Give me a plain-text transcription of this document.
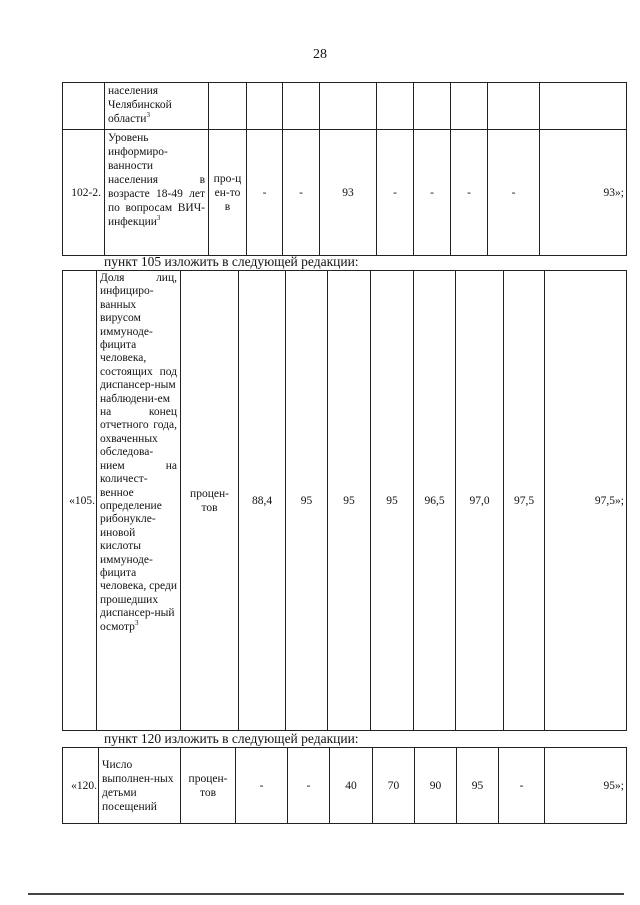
28
	населения Челябинской области$^3$									
102-2.	Уровень информиро-ванности населения в возрасте 18-49 лет по вопросам ВИЧ-инфекции$^3$	про-цен-тов	-	-	93	-	-	-	-	93»;
пункт 105 изложить в следующей редакции:
«105.	Доля лиц, инфициро-ванных вирусом иммуноде-фицита человека, состоящих под диспансер-ным наблюдени-ем на конец отчетного года, охваченных обследова-нием на количест-венное определение рибонукле-иновой кислоты иммуноде-фицита человека, среди прошедших диспансер-ный осмотр$^3$	процен-тов	88,4	95	95	95	96,5	97,0	97,5	97,5»;
пункт 120 изложить в следующей редакции:
«120.	Число выполнен-ных детьми посещений	процен-тов	-	-	40	70	90	95	-	95»;
